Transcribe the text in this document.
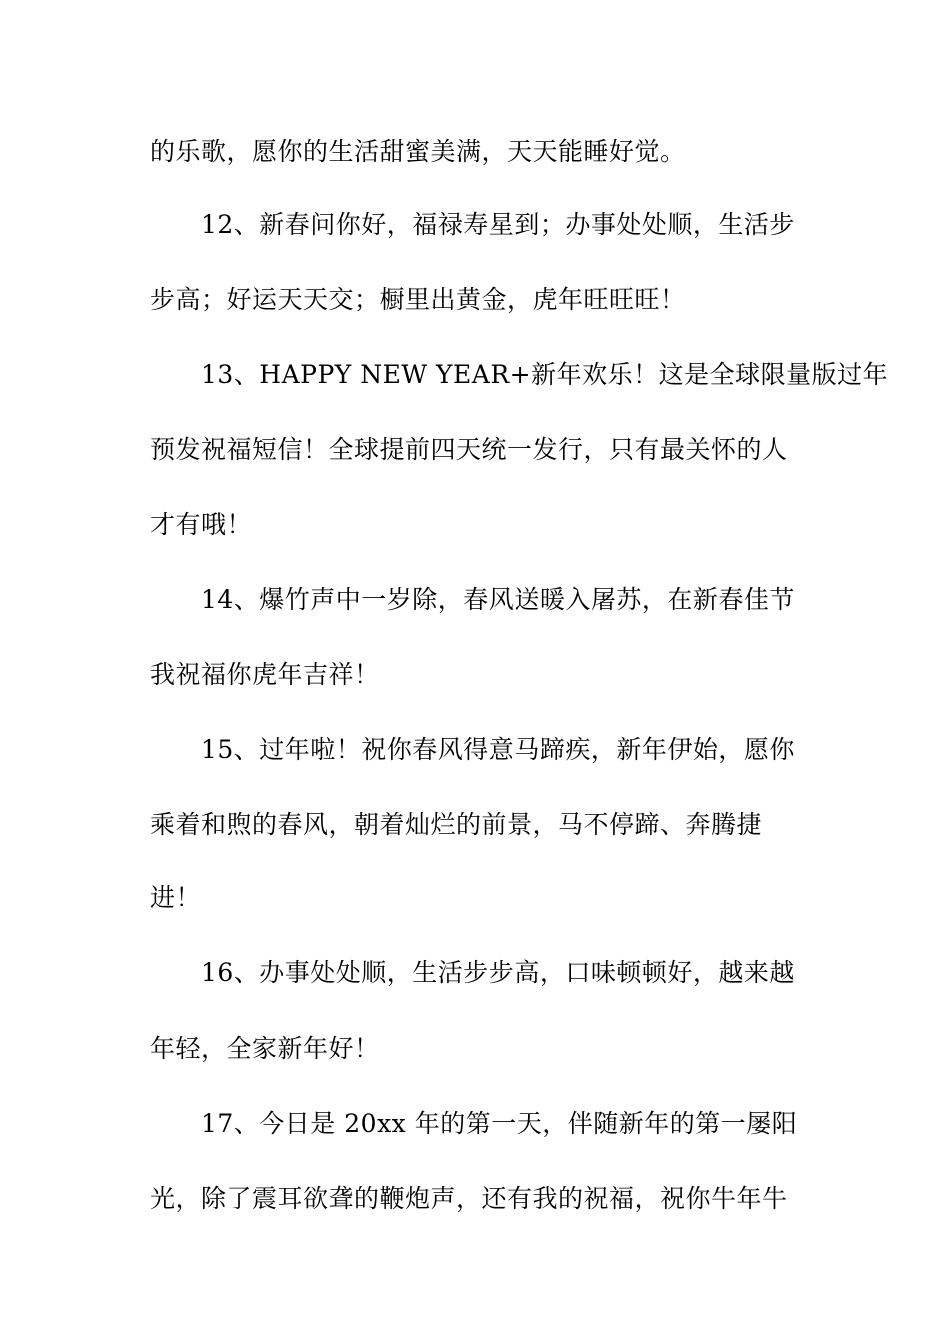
的乐歌，愿你的生活甜蜜美满，天天能睡好觉。
12、新春问你好，福禄寿星到；办事处处顺，生活步
步高；好运天天交；橱里出黄金，虎年旺旺旺！
13、HAPPY NEW YEAR+新年欢乐！这是全球限量版过年
预发祝福短信！全球提前四天统一发行，只有最关怀的人
才有哦！
14、爆竹声中一岁除，春风送暖入屠苏，在新春佳节
我祝福你虎年吉祥！
15、过年啦！祝你春风得意马蹄疾，新年伊始，愿你
乘着和煦的春风，朝着灿烂的前景，马不停蹄、奔腾捷
进！
16、办事处处顺，生活步步高，口味顿顿好，越来越
年轻，全家新年好！
17、今日是 20xx 年的第一天，伴随新年的第一屡阳
光，除了震耳欲聋的鞭炮声，还有我的祝福，祝你牛年牛
